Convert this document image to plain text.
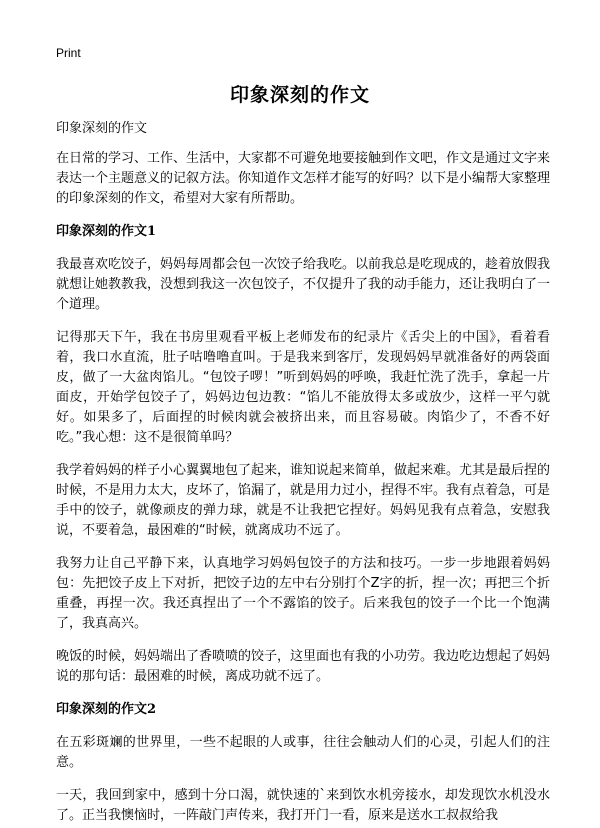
Print
印象深刻的作文

印象深刻的作文

在日常的学习、工作、生活中，大家都不可避免地要接触到作文吧，作文是通过文字来表达一个主题意义的记叙方法。你知道作文怎样才能写的好吗？以下是小编帮大家整理的印象深刻的作文，希望对大家有所帮助。

印象深刻的作文1

我最喜欢吃饺子，妈妈每周都会包一次饺子给我吃。以前我总是吃现成的，趁着放假我就想让她教教我，没想到我这一次包饺子，不仅提升了我的动手能力，还让我明白了一个道理。

记得那天下午，我在书房里观看平板上老师发布的纪录片《舌尖上的中国》，看着看着，我口水直流，肚子咕噜噜直叫。于是我来到客厅，发现妈妈早就准备好的两袋面皮，做了一大盆肉馅儿。“包饺子啰！”听到妈妈的呼唤，我赶忙洗了洗手，拿起一片面皮，开始学包饺子了，妈妈边包边教：“馅儿不能放得太多或放少，这样一平勺就好。如果多了，后面捏的时候肉就会被挤出来，而且容易破。肉馅少了，不香不好吃。”我心想：这不是很简单吗？

我学着妈妈的样子小心翼翼地包了起来，谁知说起来简单，做起来难。尤其是最后捏的时候，不是用力太大，皮坏了，馅漏了，就是用力过小，捏得不牢。我有点着急，可是手中的饺子，就像顽皮的弹力球，就是不让我把它捏好。妈妈见我有点着急，安慰我说，不要着急，最困难的“时候，就离成功不远了。

我努力让自己平静下来，认真地学习妈妈包饺子的方法和技巧。一步一步地跟着妈妈包：先把饺子皮上下对折，把饺子边的左中右分别打个Z字的折，捏一次；再把三个折重叠，再捏一次。我还真捏出了一个不露馅的饺子。后来我包的饺子一个比一个饱满了，我真高兴。

晚饭的时候，妈妈端出了香喷喷的饺子，这里面也有我的小功劳。我边吃边想起了妈妈说的那句话：最困难的时候，离成功就不远了。

印象深刻的作文2

在五彩斑斓的世界里，一些不起眼的人或事，往往会触动人们的心灵，引起人们的注意。

一天，我回到家中，感到十分口渴，就快速的`来到饮水机旁接水，却发现饮水机没水了。正当我懊恼时，一阵敲门声传来，我打开门一看，原来是送水工叔叔给我
